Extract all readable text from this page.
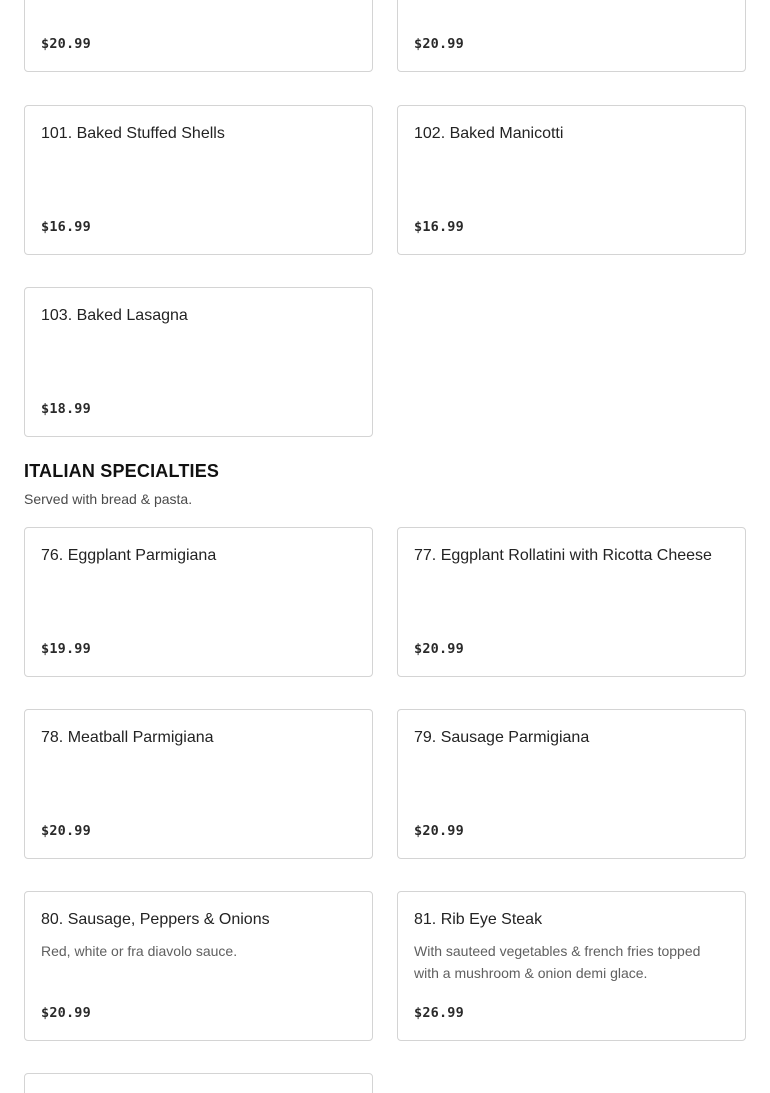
$20.99	$20.99
101. Baked Stuffed Shells
$16.99
102. Baked Manicotti
$16.99
103. Baked Lasagna
$18.99
ITALIAN SPECIALTIES

Served with bread & pasta.

76. Eggplant Parmigiana
$19.99
77. Eggplant Rollatini with Ricotta Cheese
$20.99
78. Meatball Parmigiana
$20.99
79. Sausage Parmigiana
$20.99
80. Sausage, Peppers & Onions
Red, white or fra diavolo sauce.
$20.99
81. Rib Eye Steak
With sauteed vegetables & french fries topped with a mushroom & onion demi glace.
$26.99
